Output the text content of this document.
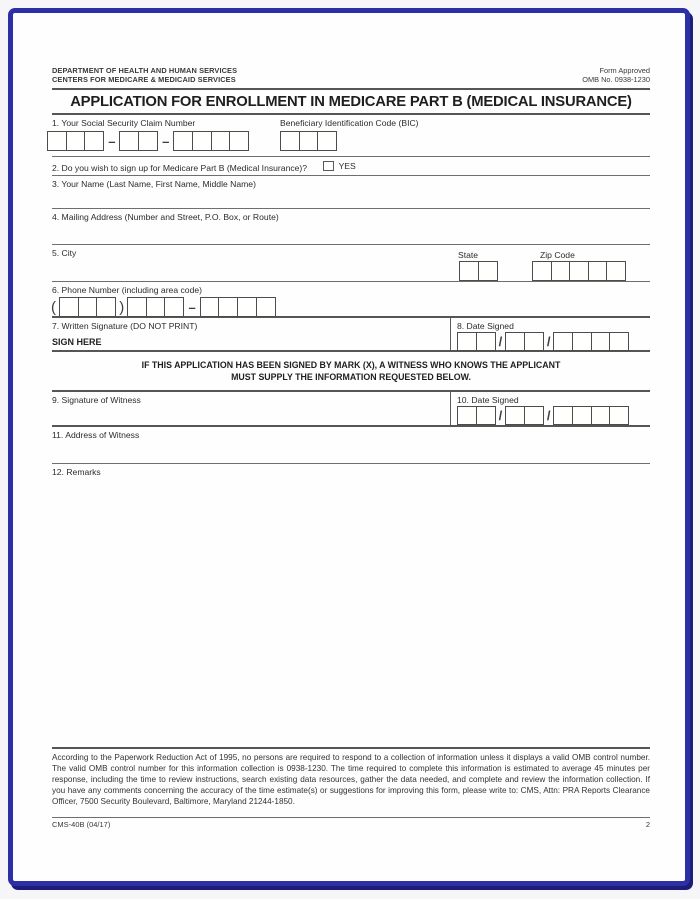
DEPARTMENT OF HEALTH AND HUMAN SERVICES
CENTERS FOR MEDICARE & MEDICAID SERVICES
Form Approved
OMB No. 0938-1230
APPLICATION FOR ENROLLMENT IN MEDICARE PART B (MEDICAL INSURANCE)
1. Your Social Security Claim Number
–	–
Beneficiary Identification Code (BIC)
2. Do you wish to sign up for Medicare Part B (Medical Insurance)?	YES
3. Your Name (Last Name, First Name, Middle Name)
4. Mailing Address (Number and Street, P.O. Box, or Route)
5. City	State	Zip Code
6. Phone Number (including area code)
(	)	–
7. Written Signature (DO NOT PRINT)
SIGN HERE
8. Date Signed
/	/
IF THIS APPLICATION HAS BEEN SIGNED BY MARK (X), A WITNESS WHO KNOWS THE APPLICANT
MUST SUPPLY THE INFORMATION REQUESTED BELOW.
9. Signature of Witness	10. Date Signed
/	/
11. Address of Witness
12. Remarks
According to the Paperwork Reduction Act of 1995, no persons are required to respond to a collection of information unless it displays a valid OMB control number. The valid OMB control number for this information collection is 0938-1230. The time required to complete this information is estimated to average 45 minutes per response, including the time to review instructions, search existing data resources, gather the data needed, and complete and review the information collection. If you have any comments concerning the accuracy of the time estimate(s) or suggestions for improving this form, please write to: CMS, Attn: PRA Reports Clearance Officer, 7500 Security Boulevard, Baltimore, Maryland 21244-1850.
CMS-40B (04/17)	2
